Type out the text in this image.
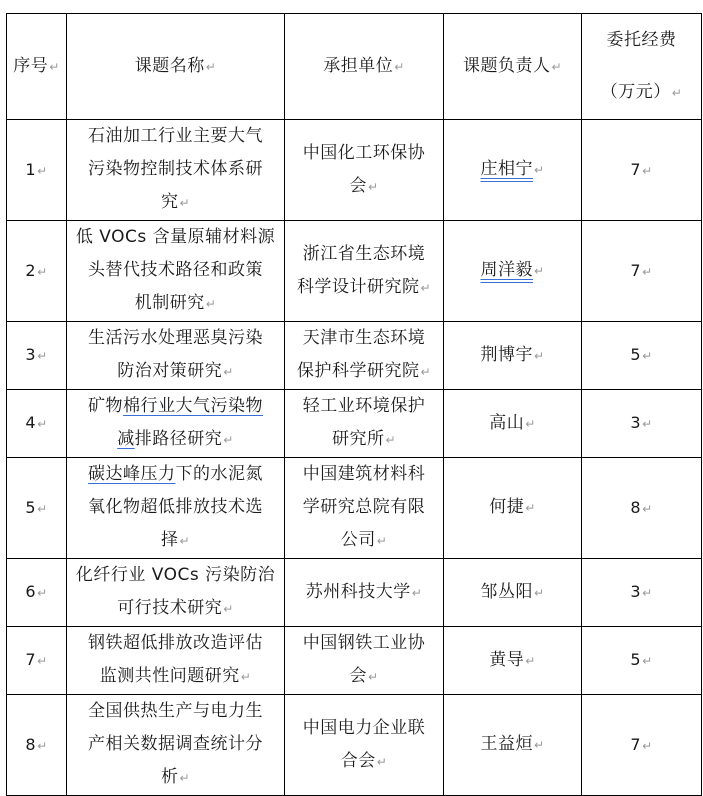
序号↵	课题名称↵	承担单位↵	课题负责人↵	委托经费
（万元）↵
1↵	石油加工行业主要大气
污染物控制技术体系研
究↵	中国化工环保协
会↵	庄相宁↵	7↵
2↵	低 VOCs 含量原辅材料源
头替代技术路径和政策
机制研究↵	浙江省生态环境
科学设计研究院↵	周洋毅↵	7↵
3↵	生活污水处理恶臭污染
防治对策研究↵	天津市生态环境
保护科学研究院↵	荆博宇↵	5↵
4↵	矿物棉行业大气污染物
减排路径研究↵	轻工业环境保护
研究所↵	高山↵	3↵
5↵	碳达峰压力下的水泥氮
氧化物超低排放技术选
择↵	中国建筑材料科
学研究总院有限
公司↵	何捷↵	8↵
6↵	化纤行业 VOCs 污染防治
可行技术研究↵	苏州科技大学↵	邹丛阳↵	3↵
7↵	钢铁超低排放改造评估
监测共性问题研究↵	中国钢铁工业协
会↵	黄导↵	5↵
8↵	全国供热生产与电力生
产相关数据调查统计分
析↵	中国电力企业联
合会↵	王益烜↵	7↵
